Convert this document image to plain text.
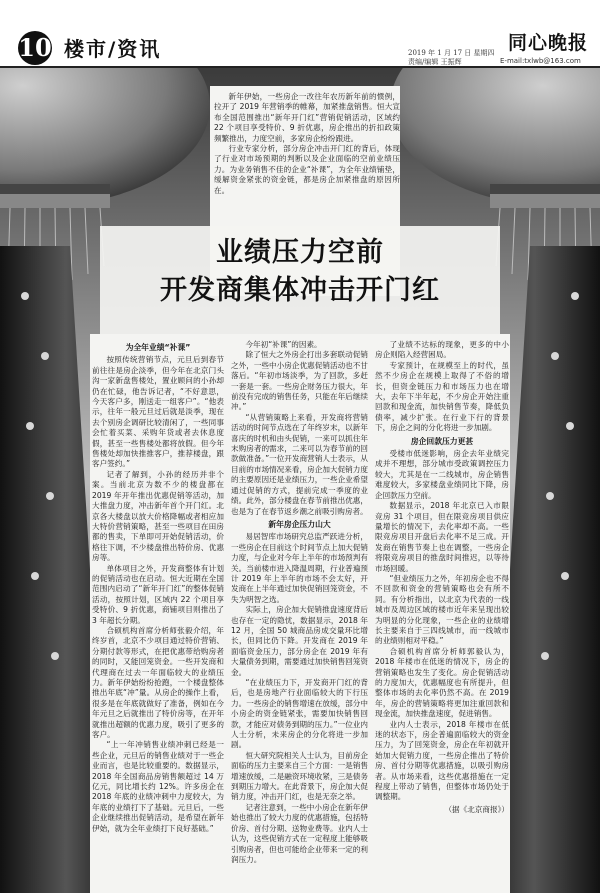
10 楼市/资讯	2019 年 1 月 17 日 星期四
责编/编辑 王振辉
同心晚报
E-mail:txlwb@163.com
业绩压力空前
开发商集体冲击开门红

新年伊始，一些房企一改往年农历新年前的惯例，拉开了 2019 年营销季的帷幕，加紧推盘销售。恒大宣布全国范围推出“新年开门红”营销促销活动，区域约 22 个项目享受特价、9 折优惠，房企推出的折扣政策频繁推出，力度空前，多家房企纷纷跟进。

行业专家分析，部分房企冲击开门红的背后，体现了行业对市场预期的判断以及企业面临的空前业绩压力。为业务销售不佳的企业“补课”，为全年业绩铺垫，缓解资金紧张的资金链，都是房企加紧推盘的原因所在。

为全年业绩“补课”

按照传统营销节点，元旦后到春节前往往是房企淡季，但今年在北京门头沟一家新盘售楼处，置业顾问的小孙却仍在忙碌，他告诉记者，“不好意思，今天客户多，刚送走一组客户”。“他表示，往年一般元旦过后就是淡季，现在去个别房企调研比较清闲了，一些同事会忙着买菜、采购年货或者去休息度假，甚至一些售楼处都将放假。但今年售楼处却加快推推客户，推荐楼盘，跟客户签约。”

记者了解到，小孙的经历并非个案。当前北京为数不少的楼盘都在 2019 年开年推出优惠促销等活动，加大推盘力度，冲击新年首个开门红。北京各大楼盘以放大价格降幅或者相应加大特价营销策略，甚至一些项目在田房都的售卖，下单即可开始促销活动，价格往下调，不少楼盘推出特价房、优惠房等。

单体项目之外，开发商整体有计划的促销活动也在启动。恒大近期在全国范围内启动了“新年开门红”的整体促销活动，按照计划，区域内 22 个项目享受特价、9 折优惠，商铺项目则推出了 3 年超长分期。

合硕机构首席分析师张毅介绍，年终岁首，北京不少项目通过特价营销、分期付款等形式，在把优惠带给购房者的同时，又能回笼资金。一些开发商和代理商在过去一年面临较大的业绩压力。新年伊始纷纷抢跑，一个楼盘整体推出年底“冲”量。从房企的操作上看，很多是在年底就做好了准备，例如在今年元旦之后就推出了特价房等，在开年就推出超额的优惠力度，吸引了更多的客户。

“上一年冲销售业绩冲刺已经是一些企业，元旦后的销售业绩对于一些企业而言，也是比较重要的。数据显示，2018 年全国商品房销售额超过 14 万亿元，同比增长约 12%。许多房企在 2018 年底的业绩冲刺中力度较大，为年底的业绩打下了基础。元旦后，一些企业继续推出促销活动，是希望在新年伊始，就为全年业绩打下良好基础。”

今年初“补课”的因素。

除了恒大之外房企打出多套联动促销之外，一些中小房企优惠促销活动也不甘落后。“年初市场淡季，为了回款，多赶一套是一套。一些房企财务压力很大，年前没有完成的销售任务，只能在年后继续冲。”

“从营销策略上来看，开发商将营销活动的时间节点选在了年终岁末，以新年喜庆的时机和由头促销，一来可以抓住年末购房者的需求，二来可以为春节前的回款做准备。”一位开发商营销人士表示，从目前的市场情况来看，房企加大促销力度的主要原因还是业绩压力，一些企业希望通过促销的方式，提前完成一季度的业绩。此外，部分楼盘在春节前推出优惠，也是为了在春节返乡潮之前吸引购房者。

新年房企压力山大

易居智库市场研究总监严跃进分析，一些房企在目前这个时间节点上加大促销力度，与企业对今年上半年的市场预判有关。当前楼市进入降温周期，行业普遍预计 2019 年上半年的市场不会太好，开发商在上半年通过加快促销回笼资金，不失为明智之选。

实际上，房企加大促销推盘速度背后也存在一定的隐忧，数据显示，2018 年 12 月，全国 50 城商品房成交量环比增长，但同比仍下降。开发商在 2019 年面临资金压力，部分房企在 2019 年有大量债务到期，需要通过加快销售回笼资金。

“在业绩压力下，开发商开门红的背后，也是房地产行业面临较大的下行压力。一些房企的销售增速在放缓，部分中小房企的资金链紧张，需要加快销售回款，才能应对债务到期的压力。”一位业内人士分析，未来房企的分化将进一步加剧。

恒大研究院相关人士认为，目前房企面临的压力主要来自三个方面：一是销售增速放缓，二是融资环境收紧，三是债务到期压力增大。在此背景下，房企加大促销力度，冲击开门红，也是无奈之举。

记者注意到，一些中小房企在新年伊始也推出了较大力度的优惠措施，包括特价房、首付分期、送物业费等。业内人士认为，这些促销方式在一定程度上能够吸引购房者，但也可能给企业带来一定的利润压力。

了业绩不达标的现象，更多的中小房企则陷入经营困局。

专家预计，在规模至上的时代，虽然不少房企在规模上取得了不俗的增长，但资金链压力和市场压力也在增大，去年下半年起，不少房企开始注重回款和现金流，加快销售节奏，降低负债率，减少扩张。在行业下行的背景下，房企之间的分化将进一步加剧。

房企回款压力更甚

受楼市低迷影响，房企去年业绩完成并不理想，部分城市受政策调控压力较大，尤其是在一二线城市，房企销售难度较大，多家楼盘业绩同比下降，房企回款压力空前。

数据显示，2018 年北京已入市限竞房 31 个项目，但在限竞房项目供应量增长的情况下，去化率却不高。一些限竞房项目开盘后去化率不足三成。开发商在销售节奏上也在调整，一些房企将限竞房项目的推盘时间推迟，以等待市场回暖。

“但业绩压力之外，年初房企也不得不回款和资金的营销策略也会有所不同。有分析指出，以北京为代表的一线城市及周边区域的楼市近年来呈现出较为明显的分化现象，一些企业的业绩增长主要来自于三四线城市，而一线城市的业绩则相对平稳。”

合硕机构首席分析师郭毅认为，2018 年楼市在低迷的情况下，房企的营销策略也发生了变化。房企促销活动的力度加大，优惠幅度也有所提升，但整体市场的去化率仍然不高。在 2019 年，房企的营销策略将更加注重回款和现金流，加快推盘速度，促进销售。

业内人士表示，2018 年楼市在低迷的状态下，房企普遍面临较大的资金压力，为了回笼资金，房企在年初就开始加大促销力度，一些房企推出了特价房、首付分期等优惠措施，以吸引购房者。从市场来看，这些优惠措施在一定程度上带动了销售，但整体市场仍处于调整期。

（据《北京商报》）
